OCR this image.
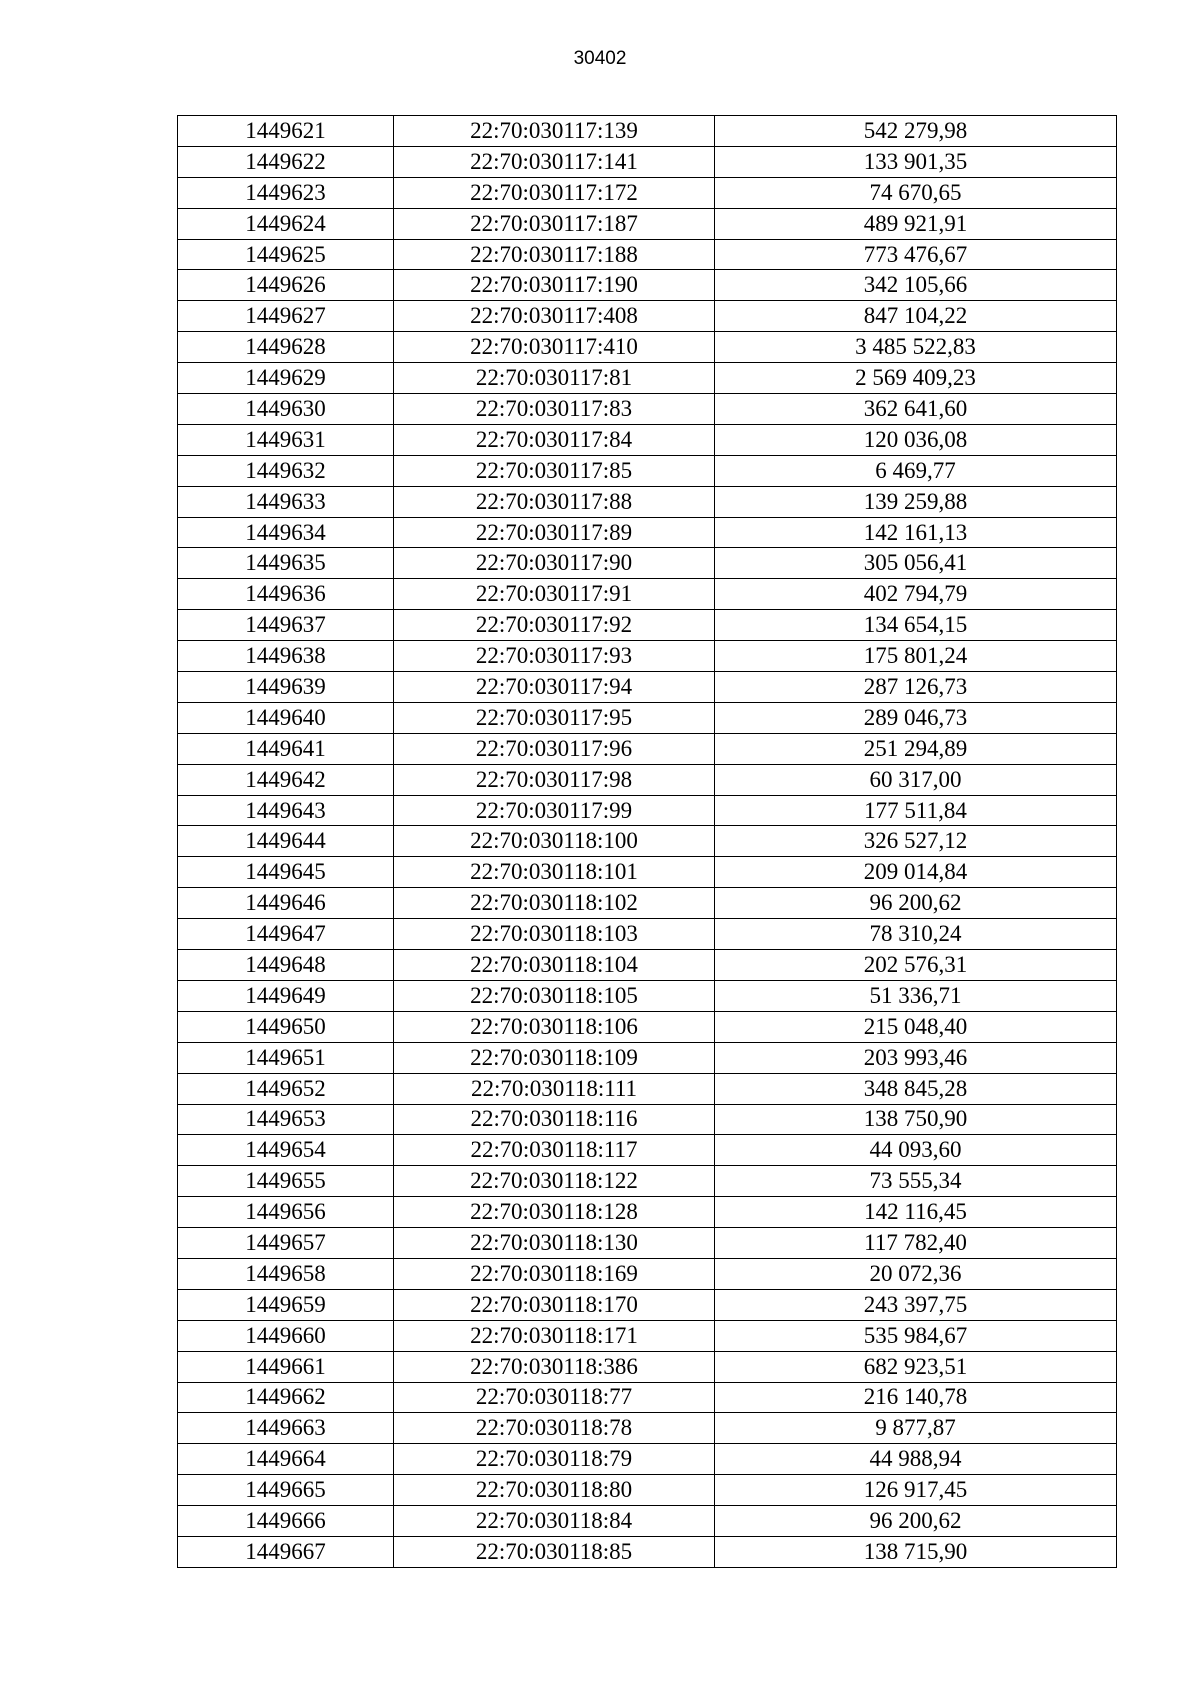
30402
1449621	22:70:030117:139	542 279,98
1449622	22:70:030117:141	133 901,35
1449623	22:70:030117:172	74 670,65
1449624	22:70:030117:187	489 921,91
1449625	22:70:030117:188	773 476,67
1449626	22:70:030117:190	342 105,66
1449627	22:70:030117:408	847 104,22
1449628	22:70:030117:410	3 485 522,83
1449629	22:70:030117:81	2 569 409,23
1449630	22:70:030117:83	362 641,60
1449631	22:70:030117:84	120 036,08
1449632	22:70:030117:85	6 469,77
1449633	22:70:030117:88	139 259,88
1449634	22:70:030117:89	142 161,13
1449635	22:70:030117:90	305 056,41
1449636	22:70:030117:91	402 794,79
1449637	22:70:030117:92	134 654,15
1449638	22:70:030117:93	175 801,24
1449639	22:70:030117:94	287 126,73
1449640	22:70:030117:95	289 046,73
1449641	22:70:030117:96	251 294,89
1449642	22:70:030117:98	60 317,00
1449643	22:70:030117:99	177 511,84
1449644	22:70:030118:100	326 527,12
1449645	22:70:030118:101	209 014,84
1449646	22:70:030118:102	96 200,62
1449647	22:70:030118:103	78 310,24
1449648	22:70:030118:104	202 576,31
1449649	22:70:030118:105	51 336,71
1449650	22:70:030118:106	215 048,40
1449651	22:70:030118:109	203 993,46
1449652	22:70:030118:111	348 845,28
1449653	22:70:030118:116	138 750,90
1449654	22:70:030118:117	44 093,60
1449655	22:70:030118:122	73 555,34
1449656	22:70:030118:128	142 116,45
1449657	22:70:030118:130	117 782,40
1449658	22:70:030118:169	20 072,36
1449659	22:70:030118:170	243 397,75
1449660	22:70:030118:171	535 984,67
1449661	22:70:030118:386	682 923,51
1449662	22:70:030118:77	216 140,78
1449663	22:70:030118:78	9 877,87
1449664	22:70:030118:79	44 988,94
1449665	22:70:030118:80	126 917,45
1449666	22:70:030118:84	96 200,62
1449667	22:70:030118:85	138 715,90
